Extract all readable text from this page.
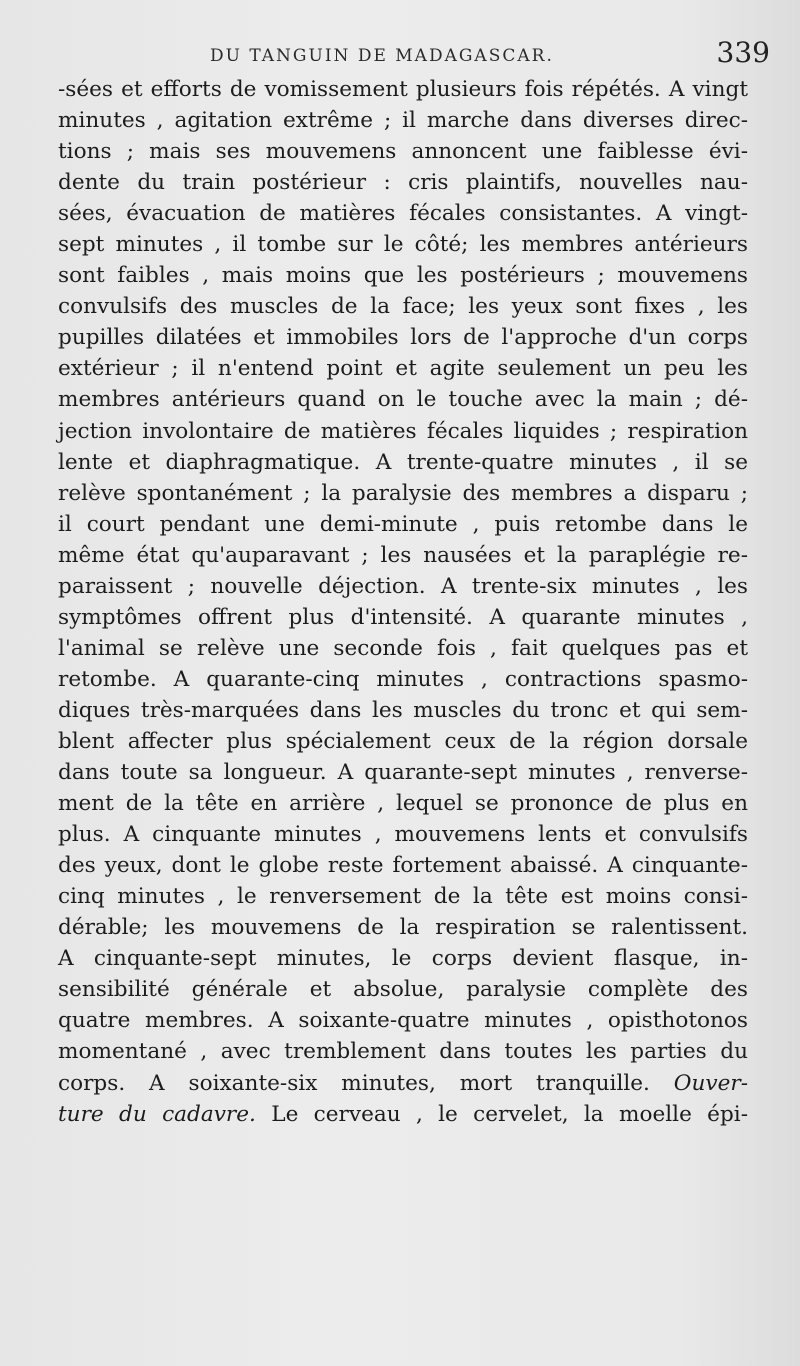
DU TANGUIN DE MADAGASCAR.	339
-sées et efforts de vomissement plusieurs fois répétés. A vingt
minutes , agitation extrême ; il marche dans diverses direc-
tions ; mais ses mouvemens annoncent une faiblesse évi-
dente du train postérieur : cris plaintifs, nouvelles nau-
sées, évacuation de matières fécales consistantes. A vingt-
sept minutes , il tombe sur le côté; les membres antérieurs
sont faibles , mais moins que les postérieurs ; mouvemens
convulsifs des muscles de la face; les yeux sont fixes , les
pupilles dilatées et immobiles lors de l'approche d'un corps
extérieur ; il n'entend point et agite seulement un peu les
membres antérieurs quand on le touche avec la main ; dé-
jection involontaire de matières fécales liquides ; respiration
lente et diaphragmatique. A trente-quatre minutes , il se
relève spontanément ; la paralysie des membres a disparu ;
il court pendant une demi-minute , puis retombe dans le
même état qu'auparavant ; les nausées et la paraplégie re-
paraissent ; nouvelle déjection. A trente-six minutes , les
symptômes offrent plus d'intensité. A quarante minutes ,
l'animal se relève une seconde fois , fait quelques pas et
retombe. A quarante-cinq minutes , contractions spasmo-
diques très-marquées dans les muscles du tronc et qui sem-
blent affecter plus spécialement ceux de la région dorsale
dans toute sa longueur. A quarante-sept minutes , renverse-
ment de la tête en arrière , lequel se prononce de plus en
plus. A cinquante minutes , mouvemens lents et convulsifs
des yeux, dont le globe reste fortement abaissé. A cinquante-
cinq minutes , le renversement de la tête est moins consi-
dérable; les mouvemens de la respiration se ralentissent.
A cinquante-sept minutes, le corps devient flasque, in-
sensibilité générale et absolue, paralysie complète des
quatre membres. A soixante-quatre minutes , opisthotonos
momentané , avec tremblement dans toutes les parties du
corps. A soixante-six minutes, mort tranquille. Ouver-
ture du cadavre. Le cerveau , le cervelet, la moelle épi-
